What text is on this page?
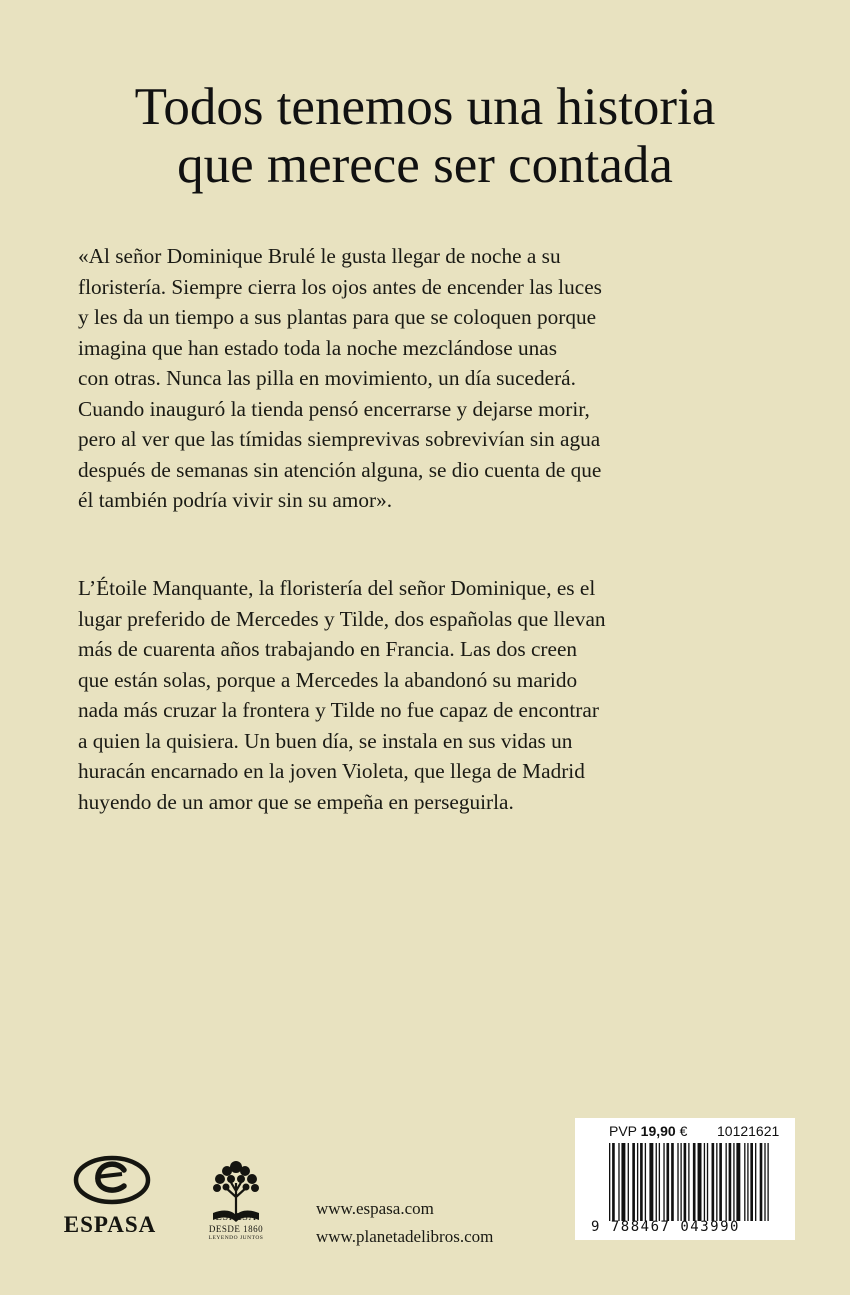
Todos tenemos una historia
que merece ser contada
«Al señor Dominique Brulé le gusta llegar de noche a su
floristería. Siempre cierra los ojos antes de encender las luces
y les da un tiempo a sus plantas para que se coloquen porque
imagina que han estado toda la noche mezclándose unas
con otras. Nunca las pilla en movimiento, un día sucederá.
Cuando inauguró la tienda pensó encerrarse y dejarse morir,
pero al ver que las tímidas siemprevivas sobrevivían sin agua
después de semanas sin atención alguna, se dio cuenta de que
él también podría vivir sin su amor».
L’Étoile Manquante, la floristería del señor Dominique, es el
lugar preferido de Mercedes y Tilde, dos españolas que llevan
más de cuarenta años trabajando en Francia. Las dos creen
que están solas, porque a Mercedes la abandonó su marido
nada más cruzar la frontera y Tilde no fue capaz de encontrar
a quien la quisiera. Un buen día, se instala en sus vidas un
huracán encarnado en la joven Violeta, que llega de Madrid
huyendo de un amor que se empeña en perseguirla.
ESPASA	ESPASA
DESDE 1860
LEYENDO JUNTOS
www.espasa.com
www.planetadelibros.com
PVP 19,90 € 10121621
9 788467 043990
